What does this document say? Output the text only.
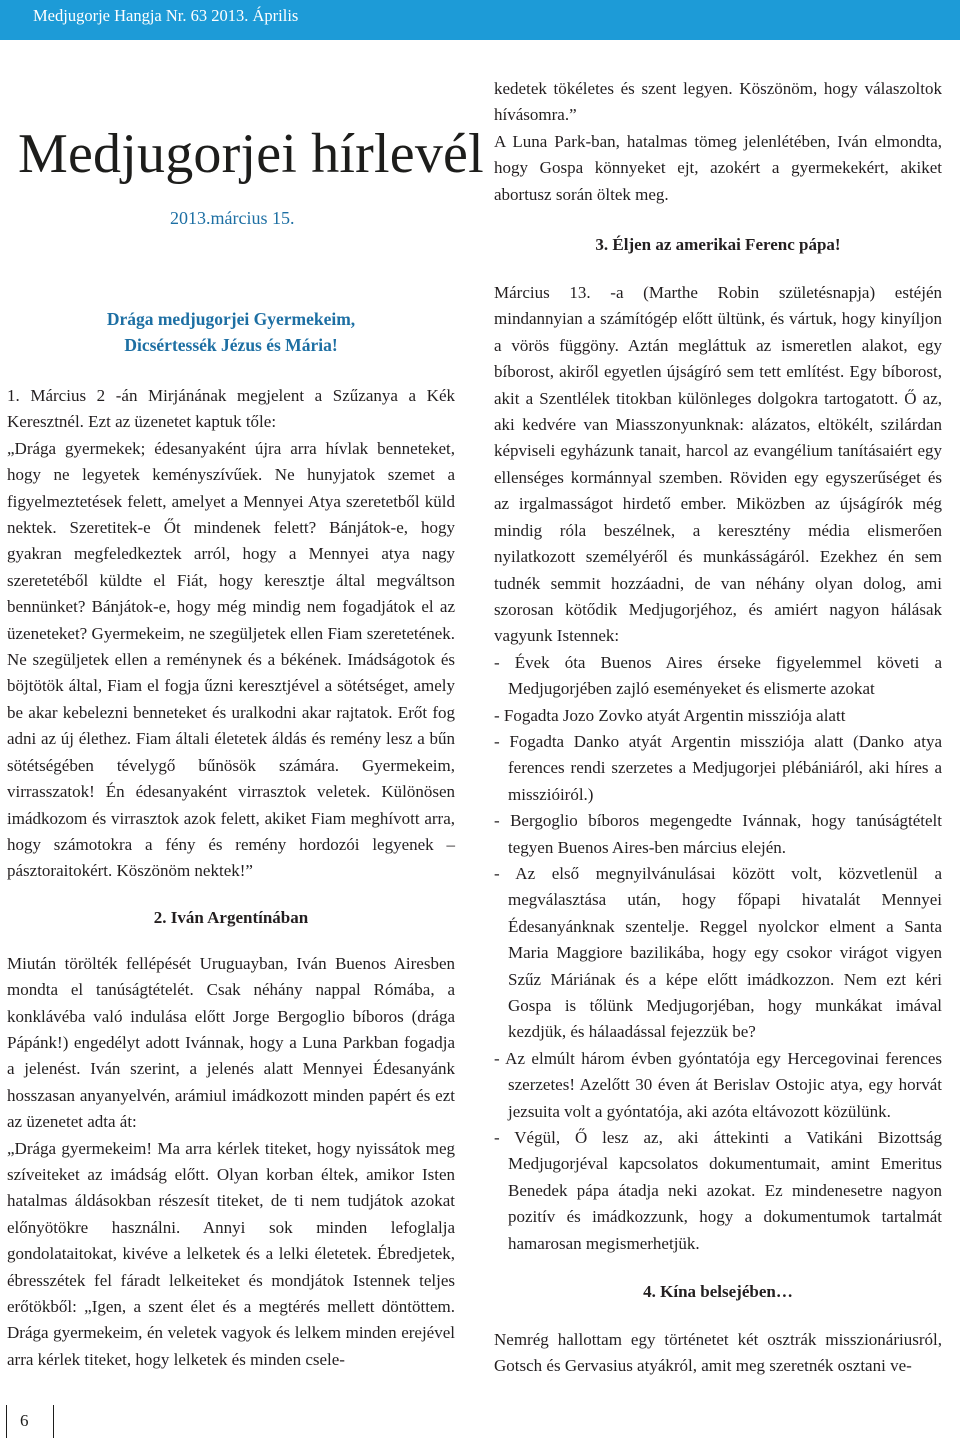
Medjugorje Hangja Nr. 63 2013. Április
Medjugorjei hírlevél
2013.március 15.
Drága medjugorjei Gyermekeim,
Dicsértessék Jézus és Mária!

1. Március 2 -án Mirjánának megjelent a Szűzanya a Kék Keresztnél. Ezt az üzenetet kaptuk tőle:

„Drága gyermekek; édesanyaként újra arra hívlak benneteket, hogy ne legyetek keményszívűek. Ne hunyjatok szemet a figyelmeztetések felett, amelyet a Mennyei Atya szeretetből küld nektek. Szeretitek-e Őt mindenek felett? Bánjátok-e, hogy gyakran megfeledkeztek arról, hogy a Mennyei atya nagy szeretetéből küldte el Fiát, hogy keresztje által megváltson bennünket? Bánjátok-e, hogy még mindig nem fogadjátok el az üzeneteket? Gyermekeim, ne szegüljetek ellen Fiam szeretetének. Ne szegüljetek ellen a reménynek és a békének. Imádságotok és böjtötök által, Fiam el fogja űzni keresztjével a sötétséget, amely be akar kebelezni benneteket és uralkodni akar rajtatok. Erőt fog adni az új élethez. Fiam általi életetek áldás és remény lesz a bűn sötétségében tévelygő bűnösök számára. Gyermekeim, virrasszatok! Én édesanyaként virrasztok veletek. Különösen imádkozom és virrasztok azok felett, akiket Fiam meghívott arra, hogy számotokra a fény és remény hordozói legyenek – pásztoraitokért. Köszönöm nektek!”

2. Iván Argentínában

Miután törölték fellépését Uruguayban, Iván Buenos Airesben mondta el tanúságtételét. Csak néhány nappal Rómába, a konklávéba való indulása előtt Jorge Bergoglio bíboros (drága Pápánk!) engedélyt adott Ivánnak, hogy a Luna Parkban fogadja a jelenést. Iván szerint, a jelenés alatt Mennyei Édesanyánk hosszasan anyanyelvén, arámiul imádkozott minden papért és ezt az üzenetet adta át:

„Drága gyermekeim! Ma arra kérlek titeket, hogy nyissátok meg szíveiteket az imádság előtt. Olyan korban éltek, amikor Isten hatalmas áldásokban részesít titeket, de ti nem tudjátok azokat előnyötökre használni. Annyi sok minden lefoglalja gondolataitokat, kivéve a lelketek és a lelki életetek. Ébredjetek, ébresszétek fel fáradt lelkeiteket és mondjátok Istennek teljes erőtökből: „Igen, a szent élet és a megtérés mellett döntöttem. Drága gyermekeim, én veletek vagyok és lelkem minden erejével arra kérlek titeket, hogy lelketek és minden csele-

kedetek tökéletes és szent legyen. Köszönöm, hogy válaszoltok hívásomra.”

A Luna Park-ban, hatalmas tömeg jelenlétében, Iván elmondta, hogy Gospa könnyeket ejt, azokért a gyermekekért, akiket abortusz során öltek meg.

3. Éljen az amerikai Ferenc pápa!

Március 13. -a (Marthe Robin születésnapja) estéjén mindannyian a számítógép előtt ültünk, és vártuk, hogy kinyíljon a vörös függöny. Aztán megláttuk az ismeretlen alakot, egy bíborost, akiről egyetlen újságíró sem tett említést. Egy bíborost, akit a Szentlélek titokban különleges dolgokra tartogatott. Ő az, aki kedvére van Miasszonyunknak: alázatos, eltökélt, szilárdan képviseli egyházunk tanait, harcol az evangélium tanításaiért egy ellenséges kormánnyal szemben. Röviden egy egyszerűséget és az irgalmasságot hirdető ember. Miközben az újságírók még mindig róla beszélnek, a keresztény média elismerően nyilatkozott személyéről és munkásságáról. Ezekhez én sem tudnék semmit hozzáadni, de van néhány olyan dolog, ami szorosan kötődik Medjugorjéhoz, és amiért nagyon hálásak vagyunk Istennek:

- Évek óta Buenos Aires érseke figyelemmel követi a Medjugorjében zajló eseményeket és elismerte azokat
- Fogadta Jozo Zovko atyát Argentin missziója alatt
- Fogadta Danko atyát Argentin missziója alatt (Danko atya ferences rendi szerzetes a Medjugorjei plébániáról, aki híres a misszióiról.)
- Bergoglio bíboros megengedte Ivánnak, hogy tanúságtételt tegyen Buenos Aires-ben március elején.
- Az első megnyilvánulásai között volt, közvetlenül a megválasztása után, hogy főpapi hivatalát Mennyei Édesanyánknak szentelje. Reggel nyolckor elment a Santa Maria Maggiore bazilikába, hogy egy csokor virágot vigyen Szűz Máriának és a képe előtt imádkozzon. Nem ezt kéri Gospa is tőlünk Medjugorjéban, hogy munkákat imával kezdjük, és hálaadással fejezzük be?
- Az elmúlt három évben gyóntatója egy Hercegovinai ferences szerzetes! Azelőtt 30 éven át Berislav Ostojic atya, egy horvát jezsuita volt a gyóntatója, aki azóta eltávozott közülünk.
- Végül, Ő lesz az, aki áttekinti a Vatikáni Bizottság Medjugorjéval kapcsolatos dokumentumait, amint Emeritus Benedek pápa átadja neki azokat. Ez mindenesetre nagyon pozitív és imádkozzunk, hogy a dokumentumok tartalmát hamarosan megismerhetjük.
4. Kína belsejében…

Nemrég hallottam egy történetet két osztrák misszionáriusról, Gotsch és Gervasius atyákról, amit meg szeretnék osztani ve-

6
